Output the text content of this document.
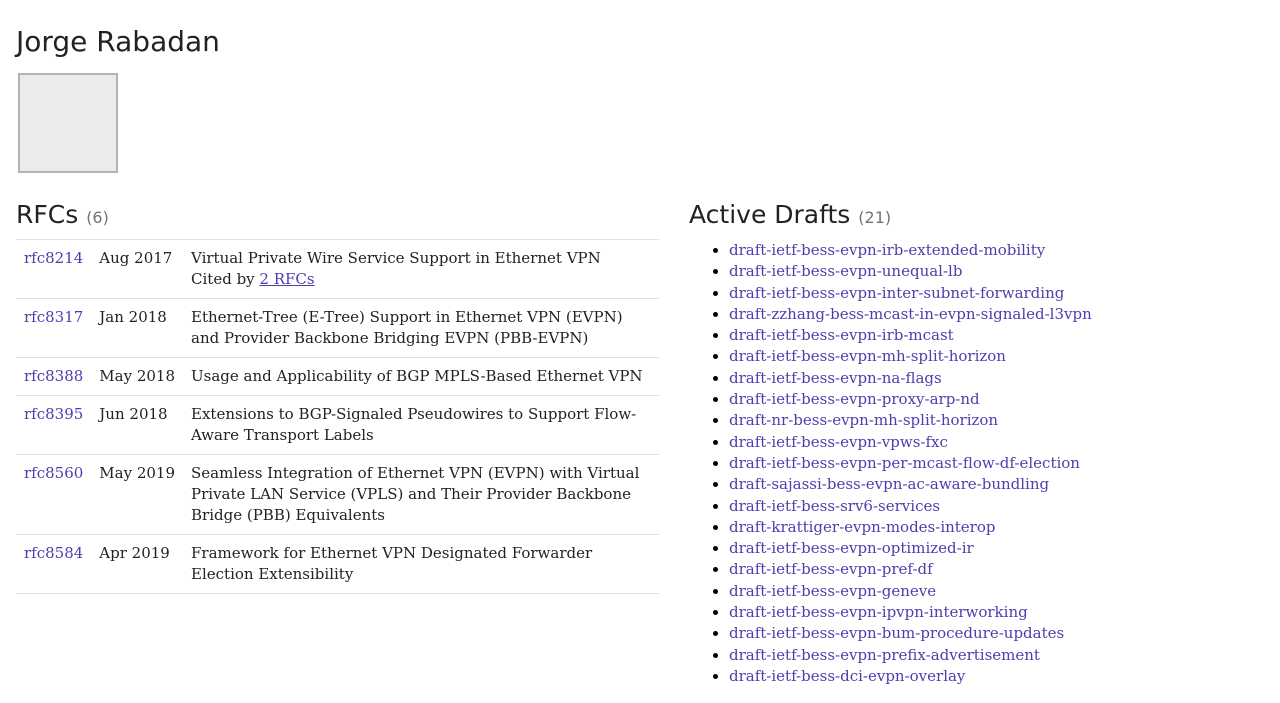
Jorge Rabadan
RFCs (6)
rfc8214	Aug 2017	Virtual Private Wire Service Support in Ethernet VPN
Cited by 2 RFCs
rfc8317	Jan 2018	Ethernet-Tree (E-Tree) Support in Ethernet VPN (EVPN) and Provider Backbone Bridging EVPN (PBB-EVPN)
rfc8388	May 2018	Usage and Applicability of BGP MPLS-Based Ethernet VPN
rfc8395	Jun 2018	Extensions to BGP-Signaled Pseudowires to Support Flow-Aware Transport Labels
rfc8560	May 2019	Seamless Integration of Ethernet VPN (EVPN) with Virtual Private LAN Service (VPLS) and Their Provider Backbone Bridge (PBB) Equivalents
rfc8584	Apr 2019	Framework for Ethernet VPN Designated Forwarder Election Extensibility
Active Drafts (21)
• draft-ietf-bess-evpn-irb-extended-mobility
• draft-ietf-bess-evpn-unequal-lb
• draft-ietf-bess-evpn-inter-subnet-forwarding
• draft-zzhang-bess-mcast-in-evpn-signaled-l3vpn
• draft-ietf-bess-evpn-irb-mcast
• draft-ietf-bess-evpn-mh-split-horizon
• draft-ietf-bess-evpn-na-flags
• draft-ietf-bess-evpn-proxy-arp-nd
• draft-nr-bess-evpn-mh-split-horizon
• draft-ietf-bess-evpn-vpws-fxc
• draft-ietf-bess-evpn-per-mcast-flow-df-election
• draft-sajassi-bess-evpn-ac-aware-bundling
• draft-ietf-bess-srv6-services
• draft-krattiger-evpn-modes-interop
• draft-ietf-bess-evpn-optimized-ir
• draft-ietf-bess-evpn-pref-df
• draft-ietf-bess-evpn-geneve
• draft-ietf-bess-evpn-ipvpn-interworking
• draft-ietf-bess-evpn-bum-procedure-updates
• draft-ietf-bess-evpn-prefix-advertisement
• draft-ietf-bess-dci-evpn-overlay
